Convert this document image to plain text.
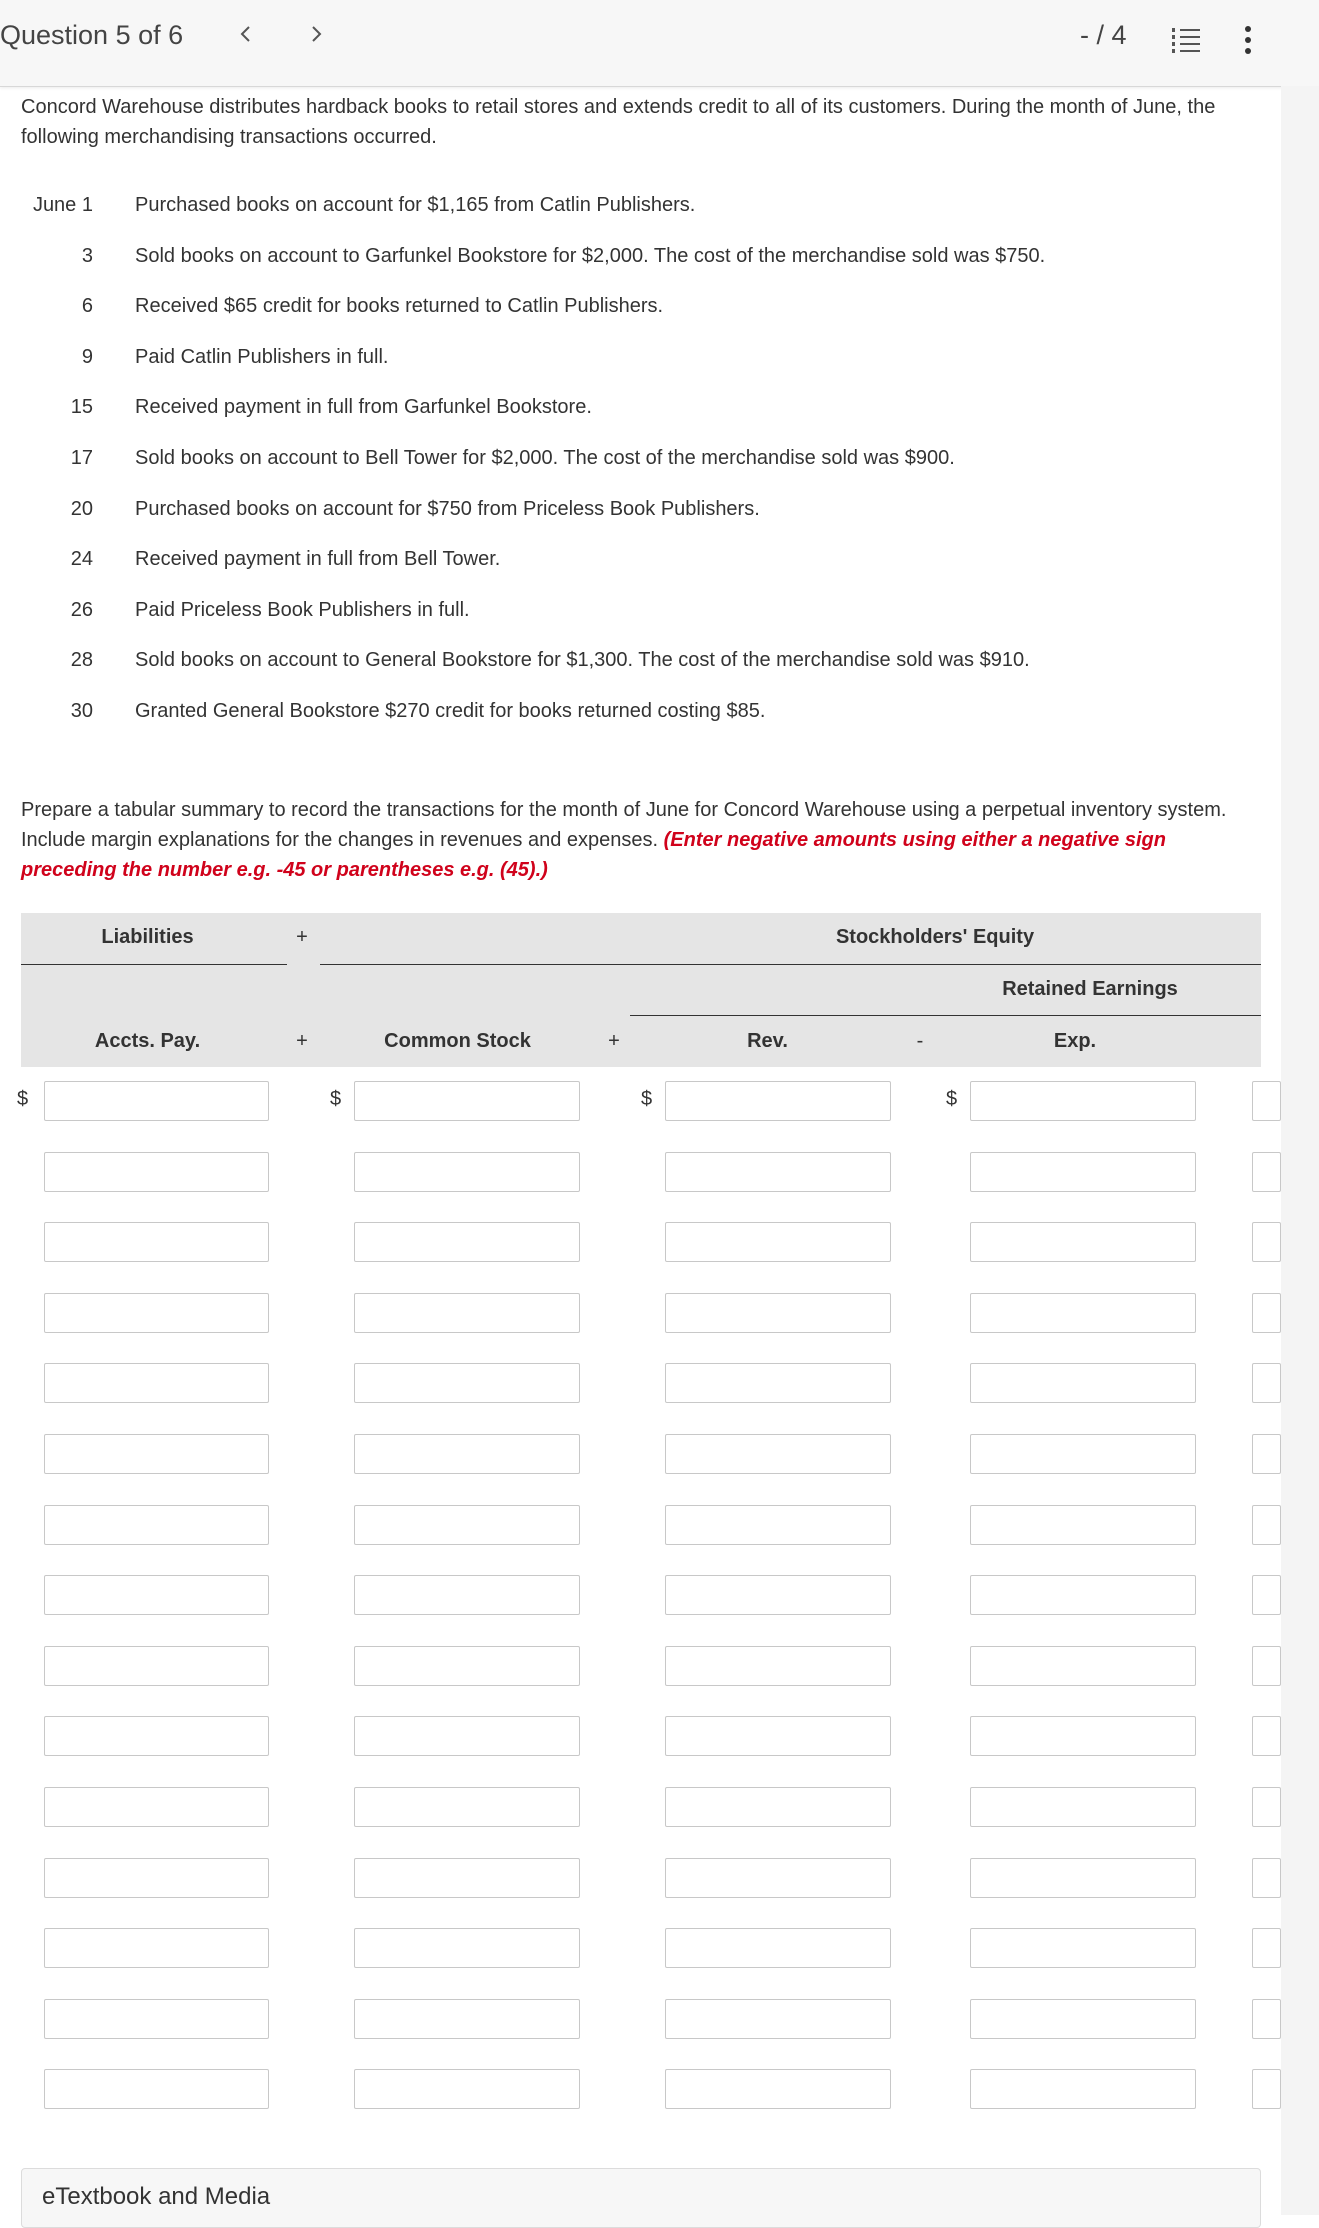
Question 5 of 6	- / 4
Concord Warehouse distributes hardback books to retail stores and extends credit to all of its customers. During the month of June, the following merchandising transactions occurred.
June 1 Purchased books on account for $1,165 from Catlin Publishers.
3 Sold books on account to Garfunkel Bookstore for $2,000. The cost of the merchandise sold was $750.
6 Received $65 credit for books returned to Catlin Publishers.
9 Paid Catlin Publishers in full.
15 Received payment in full from Garfunkel Bookstore.
17 Sold books on account to Bell Tower for $2,000. The cost of the merchandise sold was $900.
20 Purchased books on account for $750 from Priceless Book Publishers.
24 Received payment in full from Bell Tower.
26 Paid Priceless Book Publishers in full.
28 Sold books on account to General Bookstore for $1,300. The cost of the merchandise sold was $910.
30 Granted General Bookstore $270 credit for books returned costing $85.
Prepare a tabular summary to record the transactions for the month of June for Concord Warehouse using a perpetual inventory system. Include margin explanations for the changes in revenues and expenses. (Enter negative amounts using either a negative sign preceding the number e.g. -45 or parentheses e.g. (45).)
Liabilities	+	Stockholders' Equity
Retained Earnings
Accts. Pay.	+	Common Stock	+	Rev.	-	Exp.
$	$	$	$
eTextbook and Media
